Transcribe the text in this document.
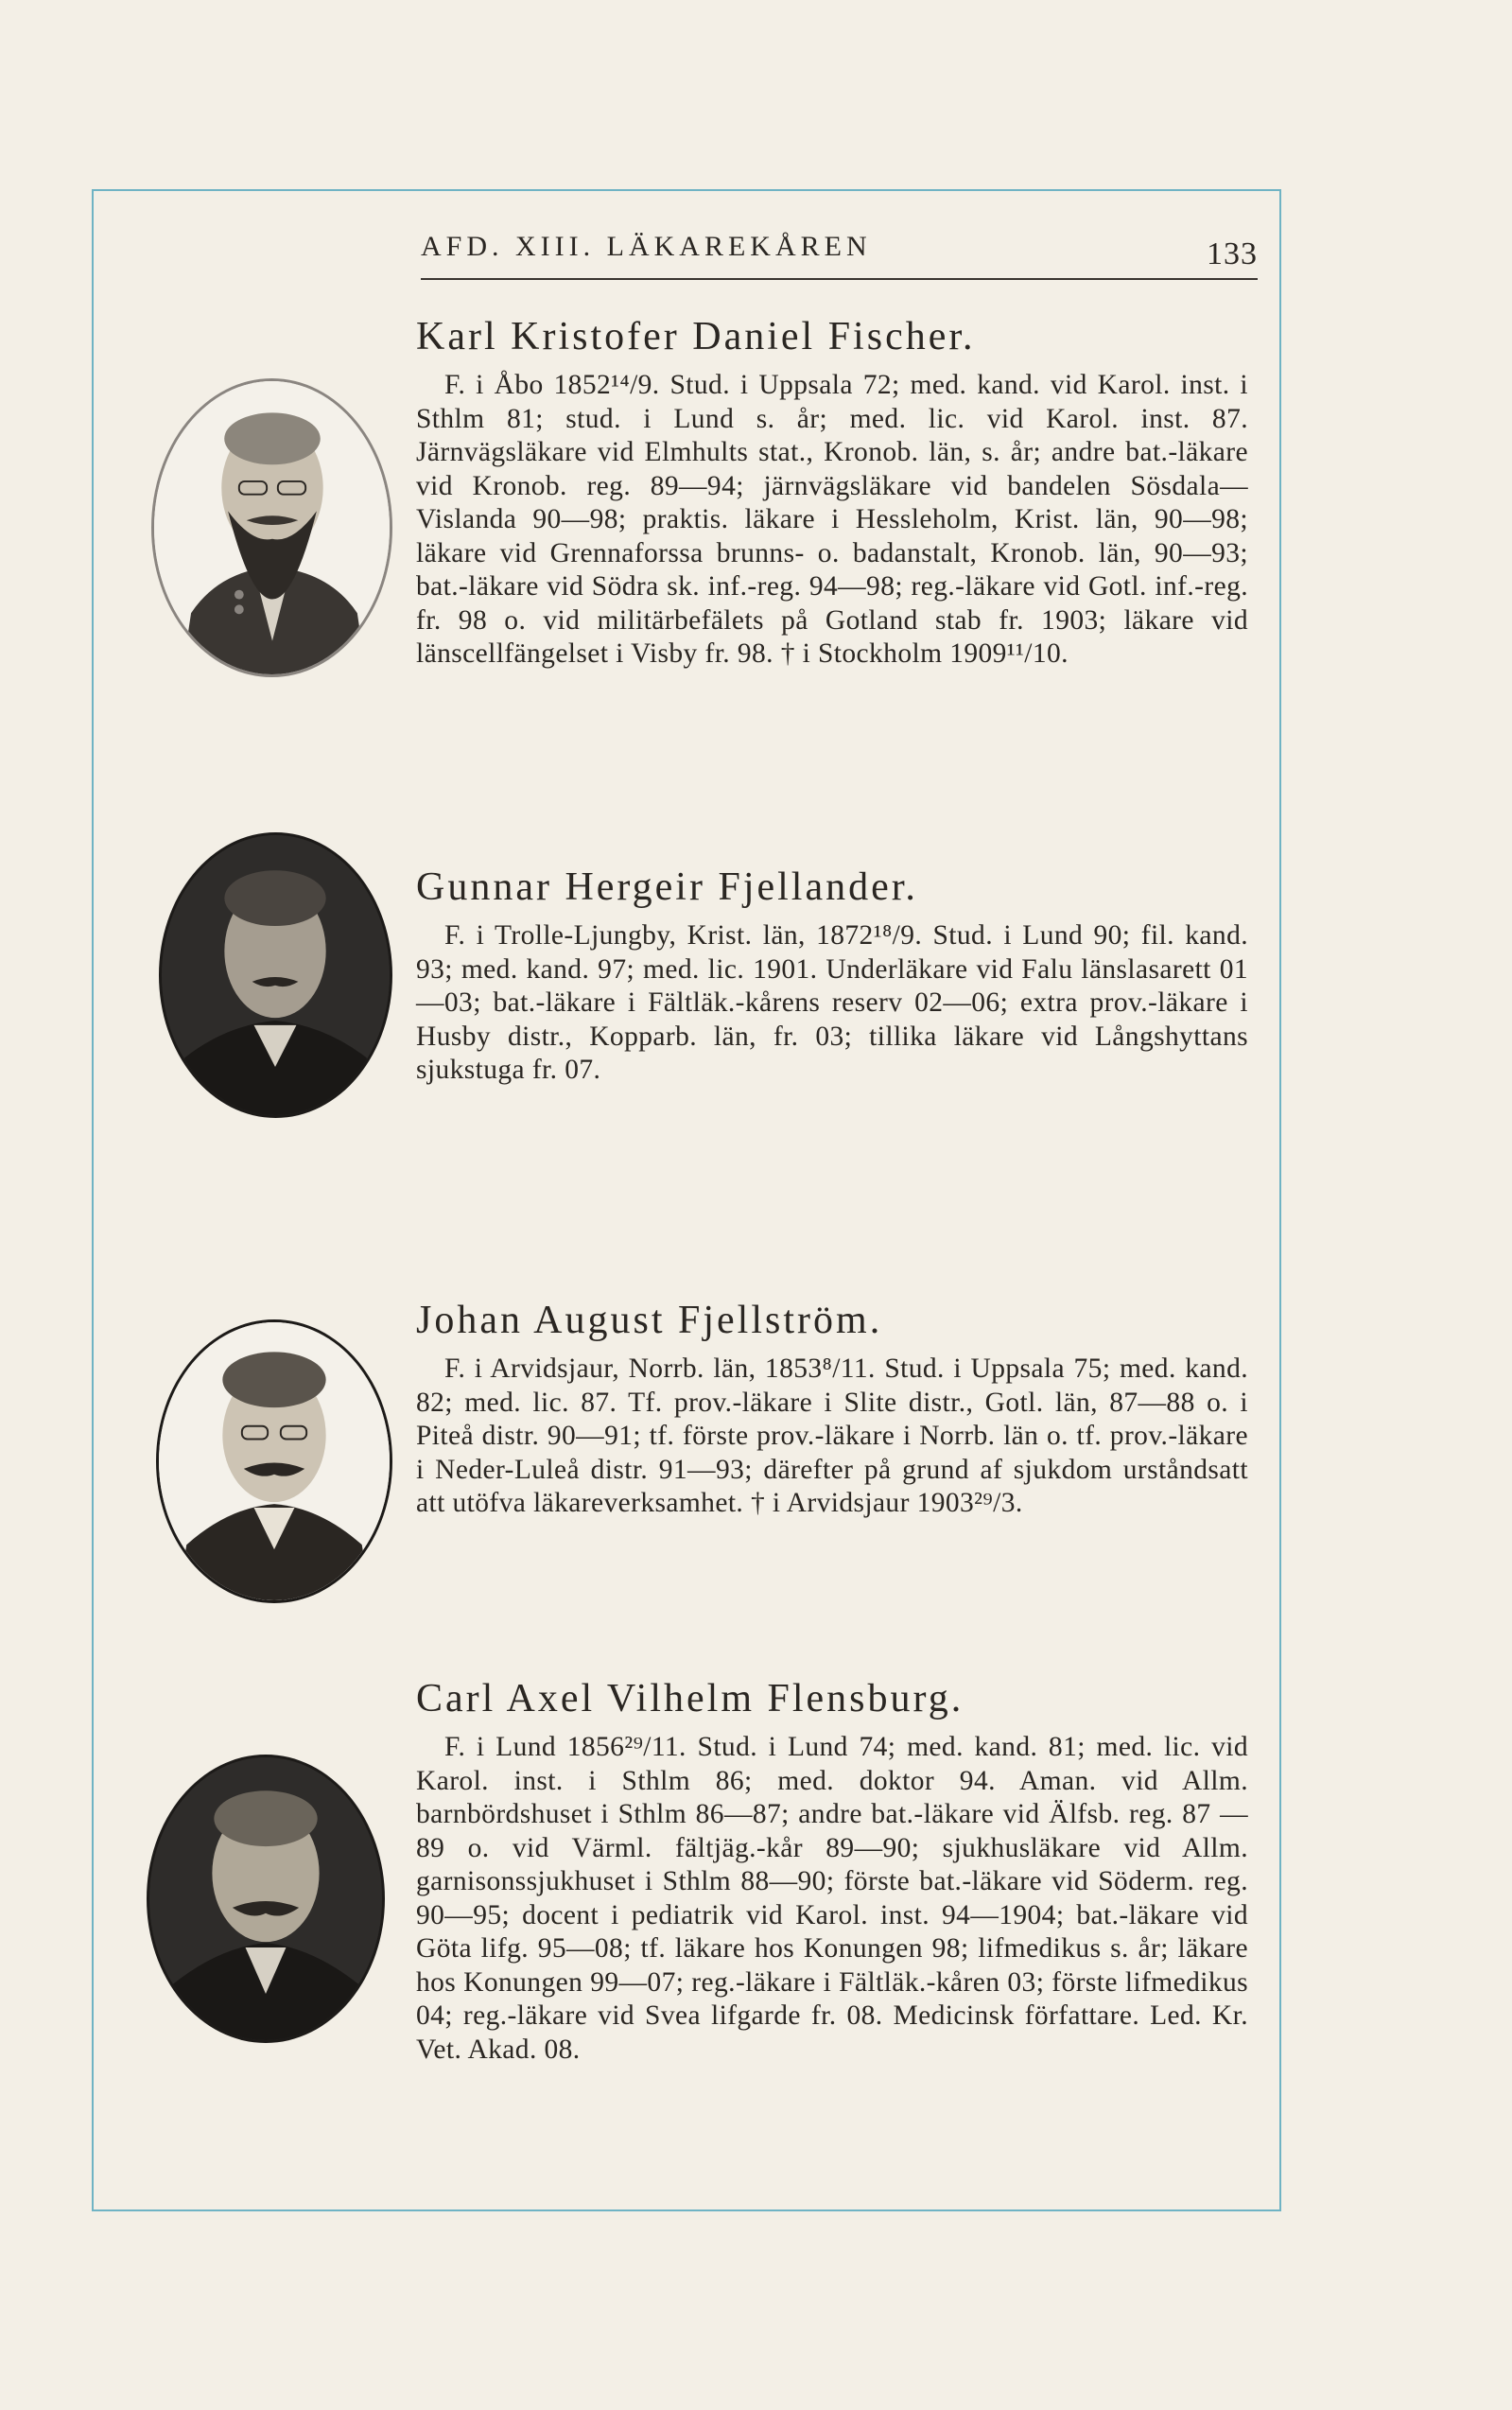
AFD. XIII. LÄKAREKÅREN	133
Karl Kristofer Daniel Fischer.

F. i Åbo 1852¹⁴/9. Stud. i Uppsala 72; med. kand. vid Karol. inst. i Sthlm 81; stud. i Lund s. år; med. lic. vid Karol. inst. 87. Järnvägsläkare vid Elmhults stat., Kronob. län, s. år; andre bat.-läkare vid Kronob. reg. 89—94; järnvägsläkare vid bandelen Sösdala—Vislanda 90—98; praktis. läkare i Hessleholm, Krist. län, 90—98; läkare vid Grennaforssa brunns- o. badanstalt, Kronob. län, 90—93; bat.-läkare vid Södra sk. inf.-reg. 94—98; reg.-läkare vid Gotl. inf.-reg. fr. 98 o. vid militärbefälets på Gotland stab fr. 1903; läkare vid länscellfängelset i Visby fr. 98. † i Stockholm 1909¹¹/10.

Gunnar Hergeir Fjellander.

F. i Trolle-Ljungby, Krist. län, 1872¹⁸/9. Stud. i Lund 90; fil. kand. 93; med. kand. 97; med. lic. 1901. Underläkare vid Falu länslasarett 01—03; bat.-läkare i Fältläk.-kårens reserv 02—06; extra prov.-läkare i Husby distr., Kopparb. län, fr. 03; tillika läkare vid Långshyttans sjukstuga fr. 07.

Johan August Fjellström.

F. i Arvidsjaur, Norrb. län, 1853⁸/11. Stud. i Uppsala 75; med. kand. 82; med. lic. 87. Tf. prov.-läkare i Slite distr., Gotl. län, 87—88 o. i Piteå distr. 90—91; tf. förste prov.-läkare i Norrb. län o. tf. prov.-läkare i Neder-Luleå distr. 91—93; därefter på grund af sjukdom urståndsatt att utöfva läkareverksamhet. † i Arvidsjaur 1903²⁹/3.

Carl Axel Vilhelm Flensburg.

F. i Lund 1856²⁹/11. Stud. i Lund 74; med. kand. 81; med. lic. vid Karol. inst. i Sthlm 86; med. doktor 94. Aman. vid Allm. barnbördshuset i Sthlm 86—87; andre bat.-läkare vid Älfsb. reg. 87 —89 o. vid Värml. fältjäg.-kår 89—90; sjukhusläkare vid Allm. garnisonssjukhuset i Sthlm 88—90; förste bat.-läkare vid Söderm. reg. 90—95; docent i pediatrik vid Karol. inst. 94—1904; bat.-läkare vid Göta lifg. 95—08; tf. läkare hos Konungen 98; lifmedikus s. år; läkare hos Konungen 99—07; reg.-läkare i Fältläk.-kåren 03; förste lifmedikus 04; reg.-läkare vid Svea lifgarde fr. 08. Medicinsk författare. Led. Kr. Vet. Akad. 08.
